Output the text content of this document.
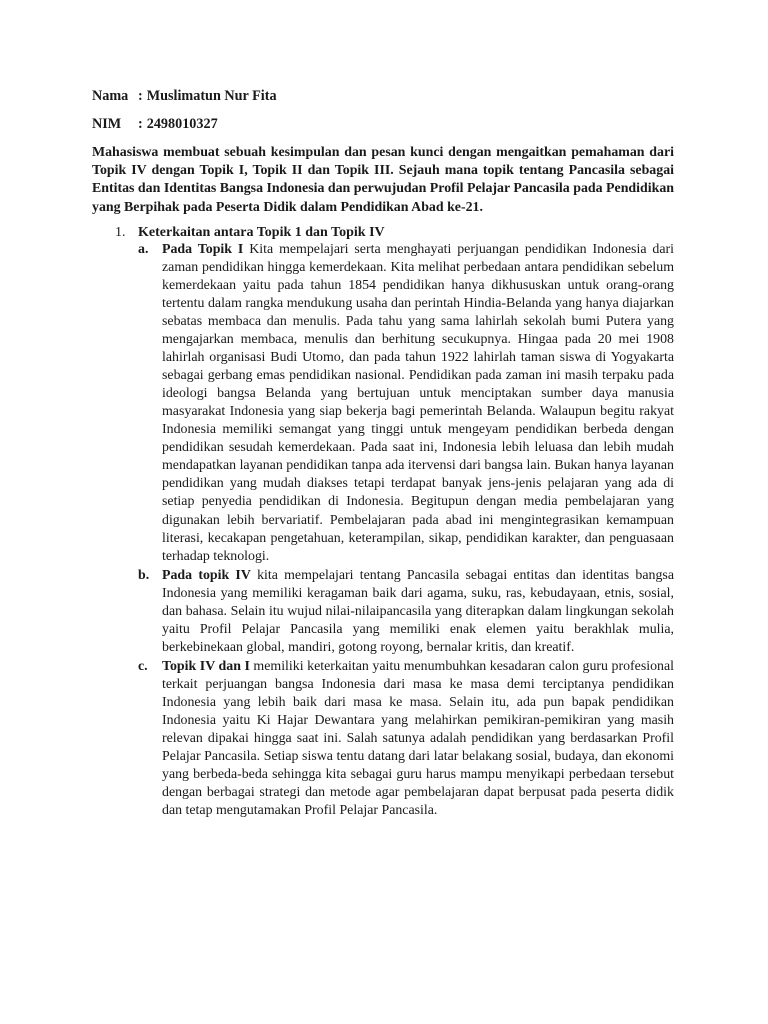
Nama : Muslimatun Nur Fita
NIM	: 2498010327

Mahasiswa membuat sebuah kesimpulan dan pesan kunci dengan mengaitkan pemahaman dari Topik IV dengan Topik I, Topik II dan Topik III. Sejauh mana topik tentang Pancasila sebagai Entitas dan Identitas Bangsa Indonesia dan perwujudan Profil Pelajar Pancasila pada Pendidikan yang Berpihak pada Peserta Didik dalam Pendidikan Abad ke-21.

1. Keterkaitan antara Topik 1 dan Topik IV

a. Pada Topik I Kita mempelajari serta menghayati perjuangan pendidikan Indonesia dari zaman pendidikan hingga kemerdekaan. Kita melihat perbedaan antara pendidikan sebelum kemerdekaan yaitu pada tahun 1854 pendidikan hanya dikhususkan untuk orang-orang tertentu dalam rangka mendukung usaha dan perintah Hindia-Belanda yang hanya diajarkan sebatas membaca dan menulis. Pada tahu yang sama lahirlah sekolah bumi Putera yang mengajarkan membaca, menulis dan berhitung secukupnya. Hingaa pada 20 mei 1908 lahirlah organisasi Budi Utomo, dan pada tahun 1922 lahirlah taman siswa di Yogyakarta sebagai gerbang emas pendidikan nasional. Pendidikan pada zaman ini masih terpaku pada ideologi bangsa Belanda yang bertujuan untuk menciptakan sumber daya manusia masyarakat Indonesia yang siap bekerja bagi pemerintah Belanda. Walaupun begitu rakyat Indonesia memiliki semangat yang tinggi untuk mengeyam pendidikan berbeda dengan pendidikan sesudah kemerdekaan. Pada saat ini, Indonesia lebih leluasa dan lebih mudah mendapatkan layanan pendidikan tanpa ada itervensi dari bangsa lain. Bukan hanya layanan pendidikan yang mudah diakses tetapi terdapat banyak jens-jenis pelajaran yang ada di setiap penyedia pendidikan di Indonesia. Begitupun dengan media pembelajaran yang digunakan lebih bervariatif. Pembelajaran pada abad ini mengintegrasikan kemampuan literasi, kecakapan pengetahuan, keterampilan, sikap, pendidikan karakter, dan penguasaan terhadap teknologi.
b. Pada topik IV kita mempelajari tentang Pancasila sebagai entitas dan identitas bangsa Indonesia yang memiliki keragaman baik dari agama, suku, ras, kebudayaan, etnis, sosial, dan bahasa. Selain itu wujud nilai-nilaipancasila yang diterapkan dalam lingkungan sekolah yaitu Profil Pelajar Pancasila yang memiliki enak elemen yaitu berakhlak mulia, berkebinekaan global, mandiri, gotong royong, bernalar kritis, dan kreatif.
c. Topik IV dan I memiliki keterkaitan yaitu menumbuhkan kesadaran calon guru profesional terkait perjuangan bangsa Indonesia dari masa ke masa demi terciptanya pendidikan Indonesia yang lebih baik dari masa ke masa. Selain itu, ada pun bapak pendidikan Indonesia yaitu Ki Hajar Dewantara yang melahirkan pemikiran-pemikiran yang masih relevan dipakai hingga saat ini. Salah satunya adalah pendidikan yang berdasarkan Profil Pelajar Pancasila. Setiap siswa tentu datang dari latar belakang sosial, budaya, dan ekonomi yang berbeda-beda sehingga kita sebagai guru harus mampu menyikapi perbedaan tersebut dengan berbagai strategi dan metode agar pembelajaran dapat berpusat pada peserta didik dan tetap mengutamakan Profil Pelajar Pancasila.
